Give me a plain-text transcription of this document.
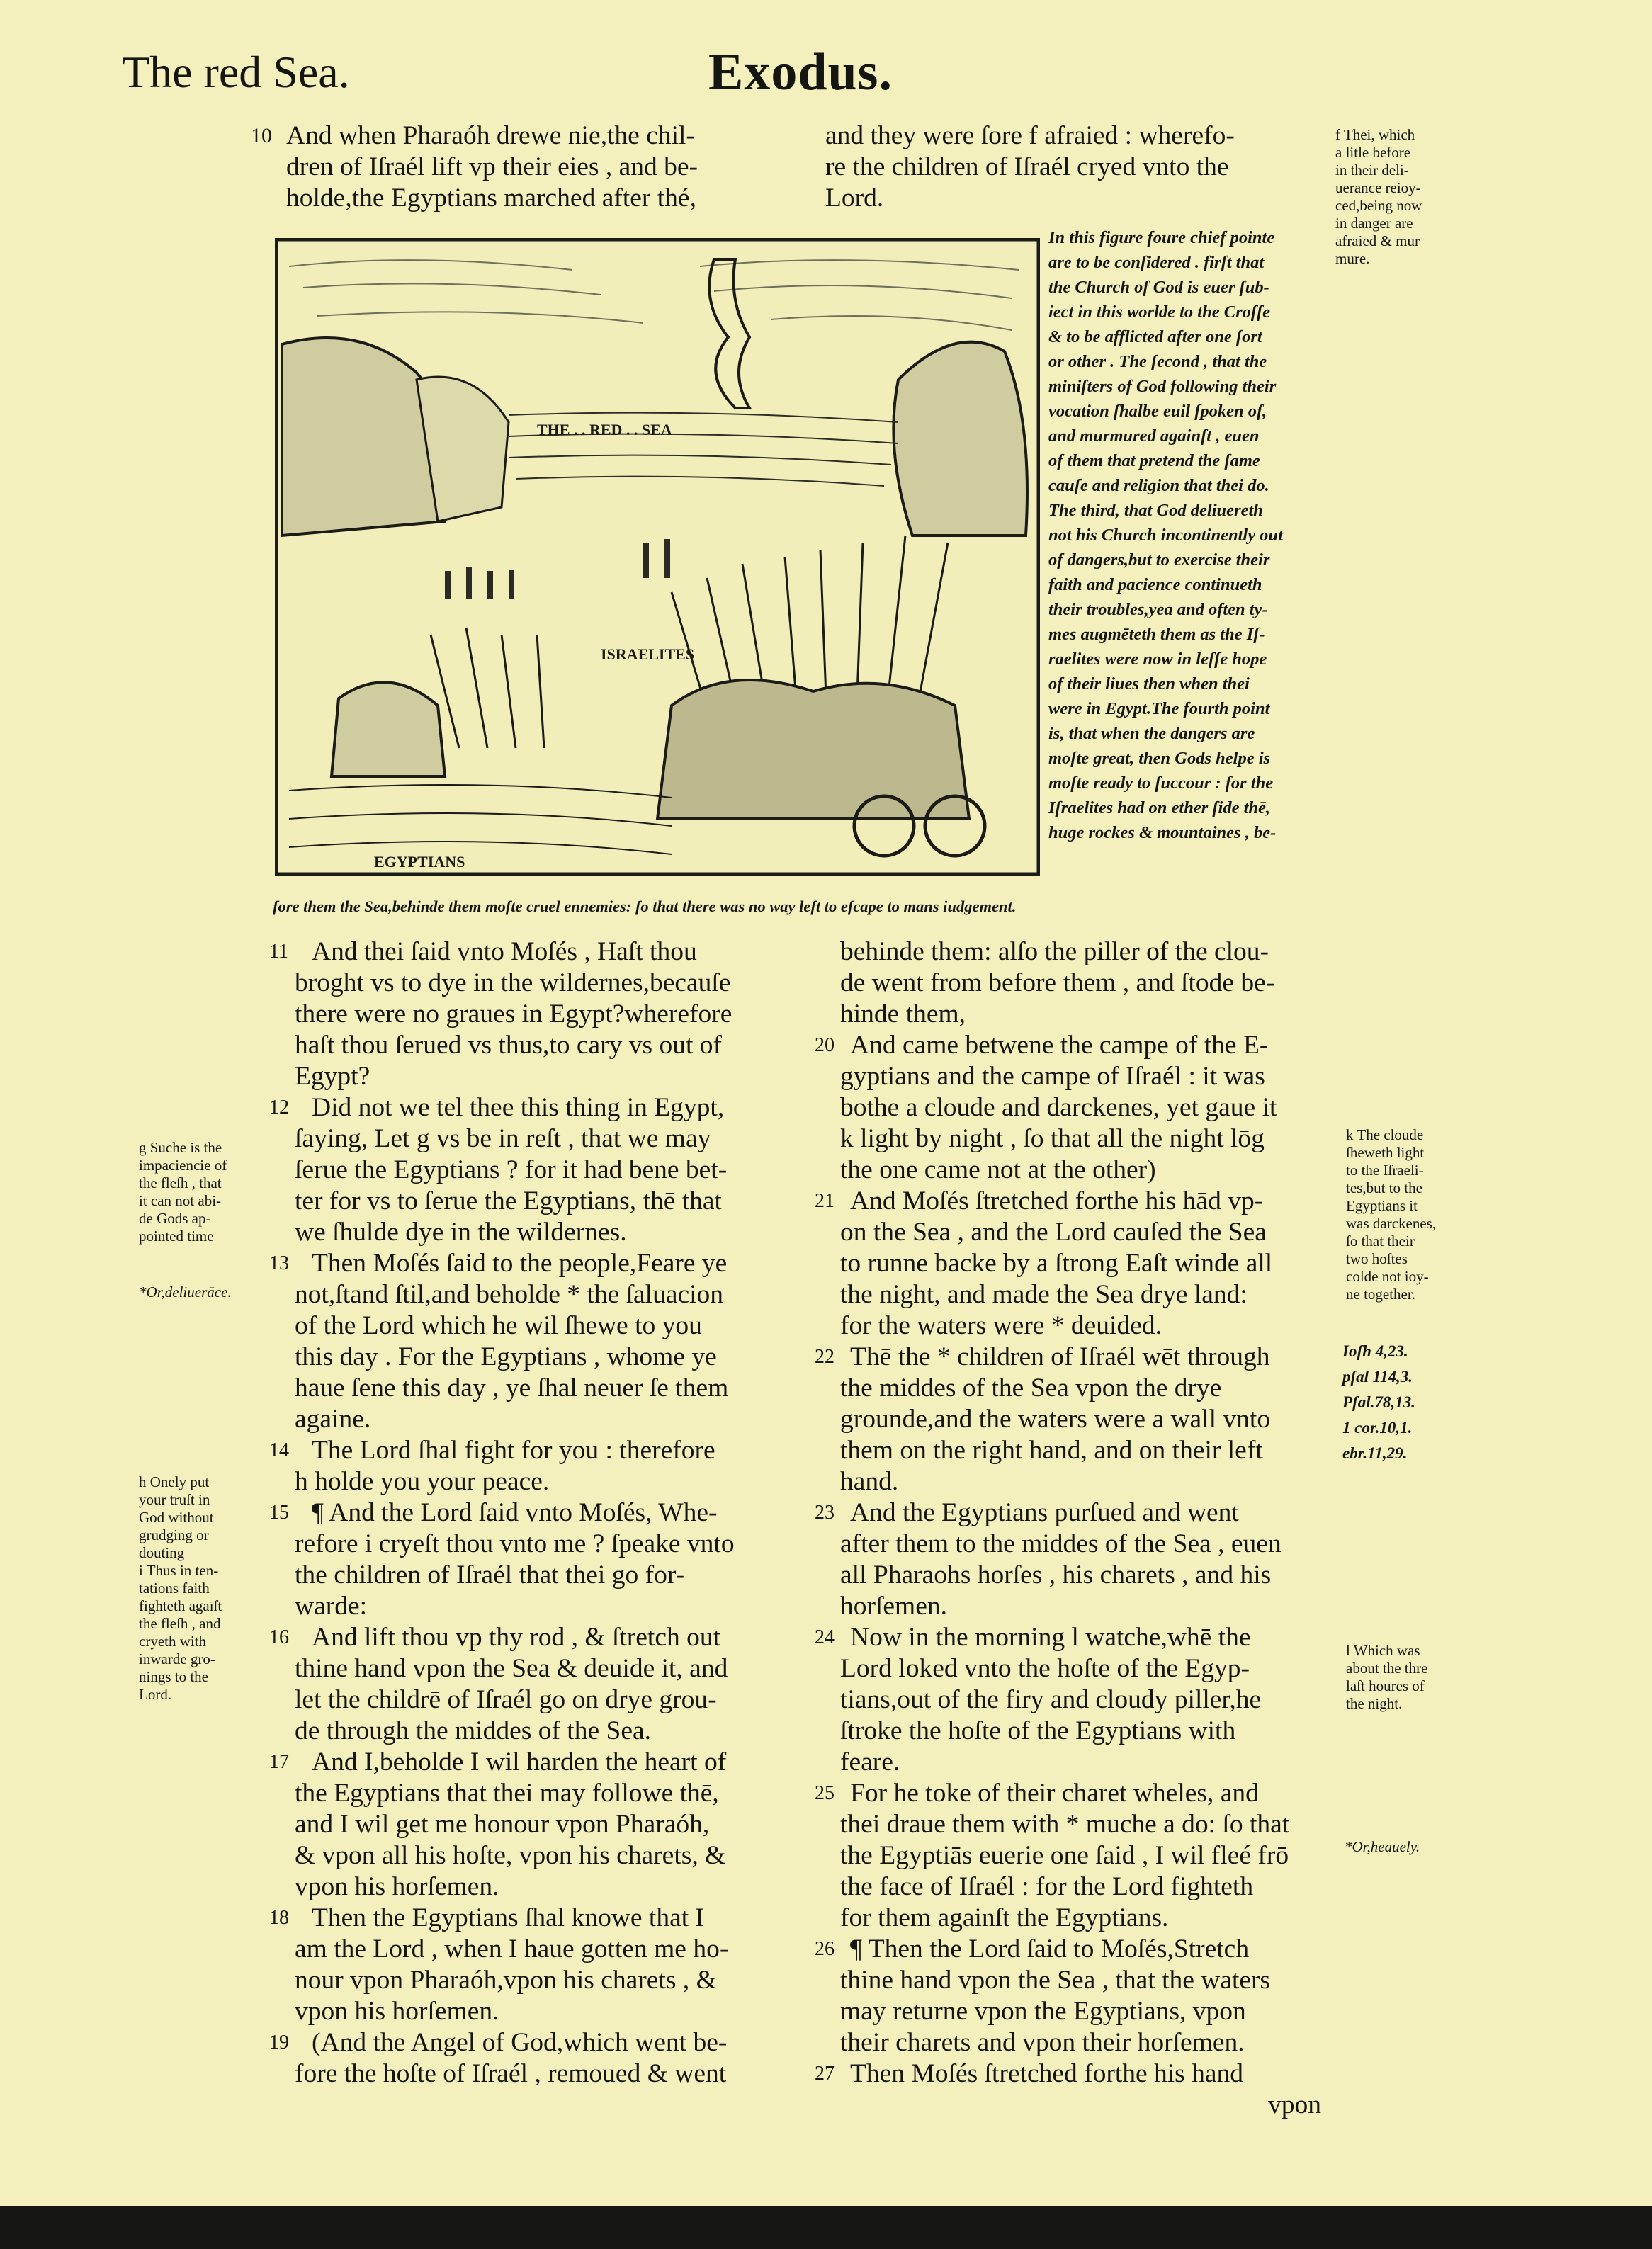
The red Sea.	Exodus.
10 And when Pharaóh drewe nie,the chil-
dren of Iſraél lift vp their eies , and be-
holde,the Egyptians marched after thé,
and they were ſore f afraied : wherefo-
re the children of Iſraél cryed vnto the
Lord.
THE . . RED . . SEA
ISRAELITES
EGYPTIANS
In this figure foure chief pointe
are to be conſidered . firſt that
the Church of God is euer ſub-
iect in this worlde to the Croſſe
& to be afflicted after one ſort
or other . The ſecond , that the
miniſters of God following their
vocation ſhalbe euil ſpoken of,
and murmured againſt , euen
of them that pretend the ſame
cauſe and religion that thei do.
The third, that God deliuereth
not his Church incontinently out
of dangers,but to exercise their
faith and pacience continueth
their troubles,yea and often ty-
mes augmēteth them as the Iſ-
raelites were now in leſſe hope
of their liues then when thei
were in Egypt.The fourth point
is, that when the dangers are
moſte great, then Gods helpe is
moſte ready to ſuccour : for the
Iſraelites had on ether ſide thē,
huge rockes & mountaines , be-
fore them the Sea,behinde them moſte cruel ennemies: ſo that there was no way left to eſcape to mans iudgement.
f Thei, which
a litle before
in their deli-
uerance reioy-
ced,being now
in danger are
afraied & mur
mure.
g Suche is the
impaciencie of
the fleſh , that
it can not abi-
de Gods ap-
pointed time
*Or,deliuerāce.
h Onely put
your truſt in
God without
grudging or
douting
i Thus in ten-
tations faith
fighteth agaīſt
the fleſh , and
cryeth with
inwarde gro-
nings to the
Lord.
k The cloude
ſheweth light
to the Iſraeli-
tes,but to the
Egyptians it
was darckenes,
ſo that their
two hoſtes
colde not ioy-
ne together.
Ioſh 4,23.
pſal 114,3.
Pſal.78,13.
1 cor.10,1.
ebr.11,29.
l Which was
about the thre
laſt houres of
the night.
*Or,heauely.
11 And thei ſaid vnto Moſés , Haſt thou
broght vs to dye in the wildernes,becauſe
there were no graues in Egypt?wherefore
haſt thou ſerued vs thus,to cary vs out of
Egypt?
12 Did not we tel thee this thing in Egypt,
ſaying, Let g vs be in reſt , that we may
ſerue the Egyptians ? for it had bene bet-
ter for vs to ſerue the Egyptians, thē that
we ſhulde dye in the wildernes.
13 Then Moſés ſaid to the people,Feare ye
not,ſtand ſtil,and beholde * the ſaluacion
of the Lord which he wil ſhewe to you
this day . For the Egyptians , whome ye
haue ſene this day , ye ſhal neuer ſe them
againe.
14 The Lord ſhal fight for you : therefore
h holde you your peace.
15 ¶ And the Lord ſaid vnto Moſés, Whe-
refore i cryeſt thou vnto me ? ſpeake vnto
the children of Iſraél that thei go for-
warde:
16 And lift thou vp thy rod , & ſtretch out
thine hand vpon the Sea & deuide it, and
let the childrē of Iſraél go on drye grou-
de through the middes of the Sea.
17 And I,beholde I wil harden the heart of
the Egyptians that thei may followe thē,
and I wil get me honour vpon Pharaóh,
& vpon all his hoſte, vpon his charets, &
vpon his horſemen.
18 Then the Egyptians ſhal knowe that I
am the Lord , when I haue gotten me ho-
nour vpon Pharaóh,vpon his charets , &
vpon his horſemen.
19 (And the Angel of God,which went be-
fore the hoſte of Iſraél , remoued & went
behinde them: alſo the piller of the clou-
de went from before them , and ſtode be-
hinde them,
20 And came betwene the campe of the E-
gyptians and the campe of Iſraél : it was
bothe a cloude and darckenes, yet gaue it
k light by night , ſo that all the night lōg
the one came not at the other)
21 And Moſés ſtretched forthe his hād vp-
on the Sea , and the Lord cauſed the Sea
to runne backe by a ſtrong Eaſt winde all
the night, and made the Sea drye land:
for the waters were * deuided.
22 Thē the * children of Iſraél wēt through
the middes of the Sea vpon the drye
grounde,and the waters were a wall vnto
them on the right hand, and on their left
hand.
23 And the Egyptians purſued and went
after them to the middes of the Sea , euen
all Pharaohs horſes , his charets , and his
horſemen.
24 Now in the morning l watche,whē the
Lord loked vnto the hoſte of the Egyp-
tians,out of the firy and cloudy piller,he
ſtroke the hoſte of the Egyptians with
feare.
25 For he toke of their charet wheles, and
thei draue them with * muche a do: ſo that
the Egyptiās euerie one ſaid , I wil fleé frō
the face of Iſraél : for the Lord fighteth
for them againſt the Egyptians.
26 ¶ Then the Lord ſaid to Moſés,Stretch
thine hand vpon the Sea , that the waters
may returne vpon the Egyptians, vpon
their charets and vpon their horſemen.
27 Then Moſés ſtretched forthe his hand
vpon
